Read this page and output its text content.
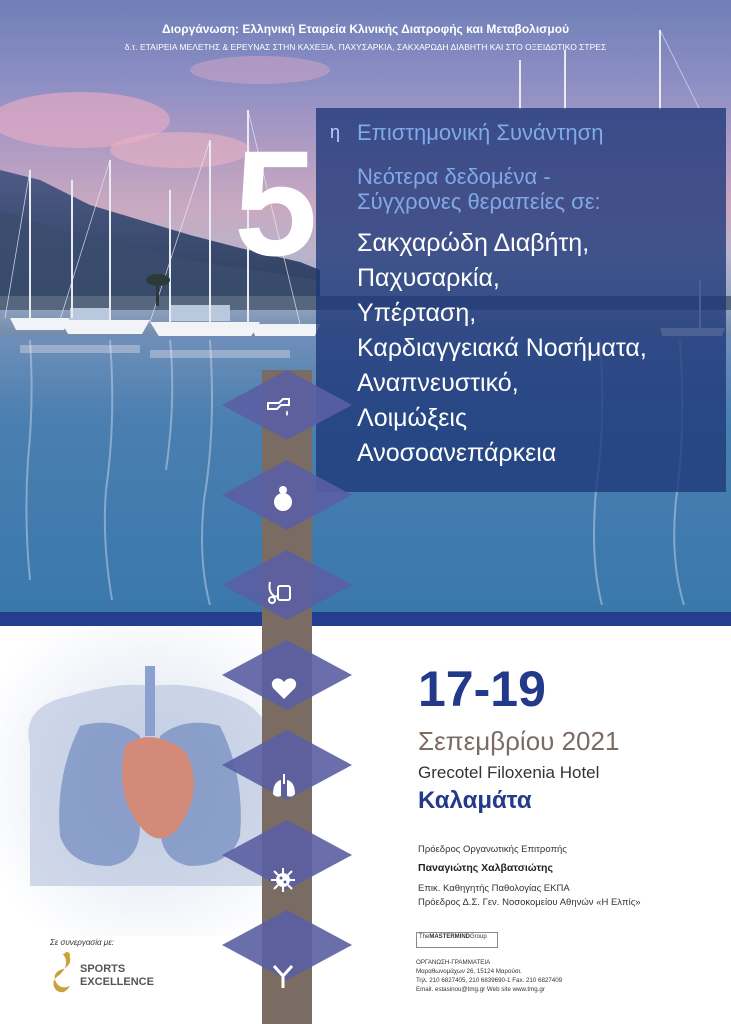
Διοργάνωση: Ελληνική Εταιρεία Κλινικής Διατροφής και Μεταβολισμού
δ.τ. ΕΤΑΙΡΕΙΑ ΜΕΛΕΤΗΣ & ΕΡΕΥΝΑΣ ΣΤΗΝ ΚΑΧΕΞΙΑ, ΠΑΧΥΣΑΡΚΙΑ, ΣΑΚΧΑΡΩΔΗ ΔΙΑΒΗΤΗ ΚΑΙ ΣΤΟ ΟΞΕΙΔΩΤΙΚΟ ΣΤΡΕΣ
5 η Επιστημονική Συνάντηση
Νεότερα δεδομένα -
Σύγχρονες θεραπείες σε:
Σακχαρώδη Διαβήτη,
Παχυσαρκία,
Υπέρταση,
Καρδιαγγειακά Νοσήματα,
Αναπνευστικό,
Λοιμώξεις
Ανοσοανεπάρκεια
17-19
Σεπεμβρίου 2021
Grecotel Filoxenia Hotel
Καλαμάτα
Πρόεδρος Οργανωτικής Επιτροπής
Παναγιώτης Χαλβατσιώτης
Επικ. Καθηγητής Παθολογίας ΕΚΠΑ
Πρόεδρος Δ.Σ. Γεν. Νοσοκομείου Αθηνών «Η Ελπίς»
TheMASTERMINDGroup
ΟΡΓΑΝΩΣΗ-ΓΡΑΜΜΑΤΕΙΑ
Μαραθωνομάχων 26, 15124 Μαρούσι.
Τηλ. 210 6827405, 210 6839690-1 Fax. 210 6827409
Email. estasinou@tmg.gr Web site www.tmg.gr
Σε συνεργασία με:
SPORTS
EXCELLENCE
